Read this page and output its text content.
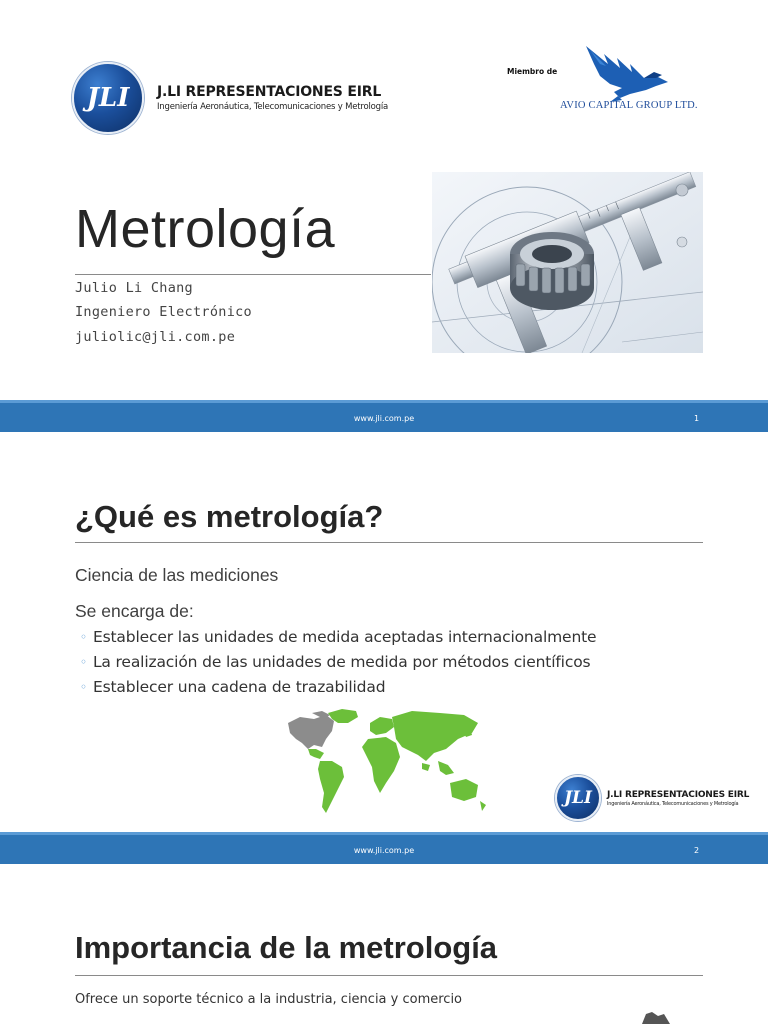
JLI J.LI REPRESENTACIONES EIRL
Ingeniería Aeronáutica, Telecomunicaciones y Metrología
Miembro de
AVIO CAPITAL GROUP LTD.
Metrología
Julio Li Chang
Ingeniero Electrónico
juliolic@jli.com.pe
www.jli.com.pe	1
¿Qué es metrología?
Ciencia de las mediciones
Se encarga de:
◦ Establecer las unidades de medida aceptadas internacionalmente
◦ La realización de las unidades de medida por métodos científicos
◦ Establecer una cadena de trazabilidad
JLI J.LI REPRESENTACIONES EIRL
Ingeniería Aeronáutica, Telecomunicaciones y Metrología
www.jli.com.pe	2
Importancia de la metrología
Ofrece un soporte técnico a la industria, ciencia y comercio
